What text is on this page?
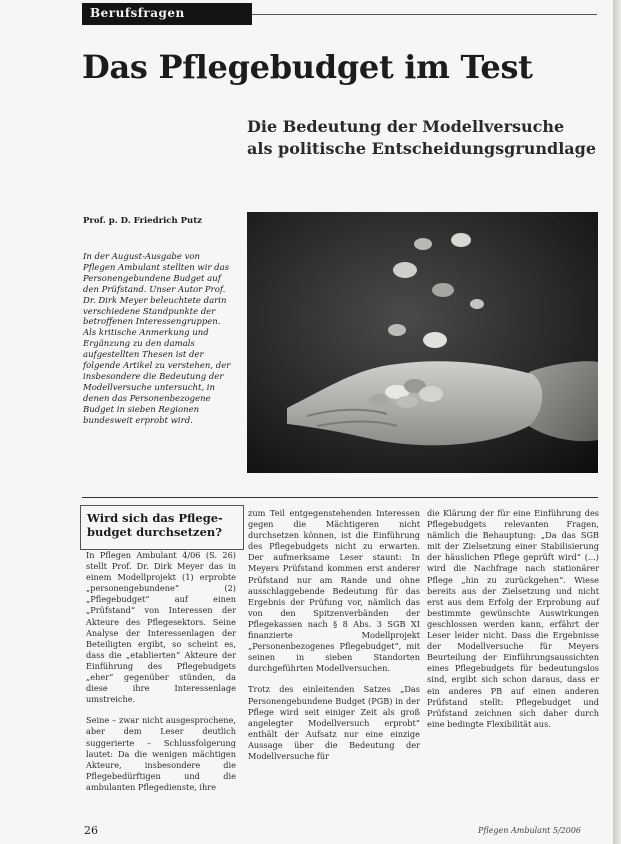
Berufsfragen
Das Pflegebudget im Test
Die Bedeutung der Modellversuche
als politische Entscheidungsgrundlage
Prof. p. D. Friedrich Putz
In der August-Ausgabe von Pflegen Ambulant stellten wir das Personengebundene Budget auf den Prüfstand. Unser Autor Prof. Dr. Dirk Meyer beleuchtete darin verschiedene Standpunkte der betroffenen Interessengruppen. Als kritische Anmerkung und Ergänzung zu den damals aufgestellten Thesen ist der folgende Artikel zu verstehen, der insbesondere die Bedeutung der Modellversuche untersucht, in denen das Personenbezogene Budget in sieben Regionen bundesweit erprobt wird.
Wird sich das Pflege-
budget durchsetzen?

In Pflegen Ambulant 4/06 (S. 26) stellt Prof. Dr. Dirk Meyer das in einem Modellprojekt (1) erprobte „personengebundene“ (2) „Pflegebudget“ auf einen „Prüfstand“ von Interessen der Akteure des Pflegesektors. Seine Analyse der Interessenlagen der Beteiligten ergibt, so scheint es, dass die „etablierten“ Akteure der Einführung des Pflegebudgets „eher“ gegenüber stünden, da diese ihre Interessenlage umstreiche.

Seine – zwar nicht ausgesprochene, aber dem Leser deutlich suggerierte – Schlussfolgerung lautet: Da die wenigen mächtigen Akteure, insbesondere die Pflegebedürftigen und die ambulanten Pflegedienste, ihre

zum Teil entgegenstehenden Interessen gegen die Mächtigeren nicht durchsetzen können, ist die Einführung des Pflegebudgets nicht zu erwarten. Der aufmerksame Leser staunt: In Meyers Prüfstand kommen erst anderer Prüfstand nur am Rande und ohne ausschlaggebende Bedeutung für das Ergebnis der Prüfung vor, nämlich das von den Spitzenverbänden der Pflegekassen nach § 8 Abs. 3 SGB XI finanzierte Modellprojekt „Personenbezogenes Pflegebudget“, mit seinen in sieben Standorten durchgeführten Modellversuchen.

Trotz des einleitenden Satzes „Das Personengebundene Budget (PGB) in der Pflege wird seit einiger Zeit als groß angelegter Modellversuch erprobt“ enthält der Aufsatz nur eine einzige Aussage über die Bedeutung der Modellversuche für

die Klärung der für eine Einführung des Pflegebudgets relevanten Fragen, nämlich die Behauptung: „Da das SGB mit der Zielsetzung einer Stabilisierung der häuslichen Pflege geprüft wird“ (...) wird die Nachfrage nach stationärer Pflege „hin zu zurückgehen“. Wiese bereits aus der Zielsetzung und nicht erst aus dem Erfolg der Erprobung auf bestimmte gewünschte Auswirkungen geschlossen werden kann, erfährt der Leser leider nicht. Dass die Ergebnisse der Modellversuche für Meyers Beurteilung der Einführungsaussichten eines Pflegebudgets für bedeutungslos sind, ergibt sich schon daraus, dass er ein anderes PB auf einen anderen Prüfstand stellt: Pflegebudget und Prüfstand zeichnen sich daher durch eine bedingte Flexibilität aus.

26	Pflegen Ambulant 5/2006
